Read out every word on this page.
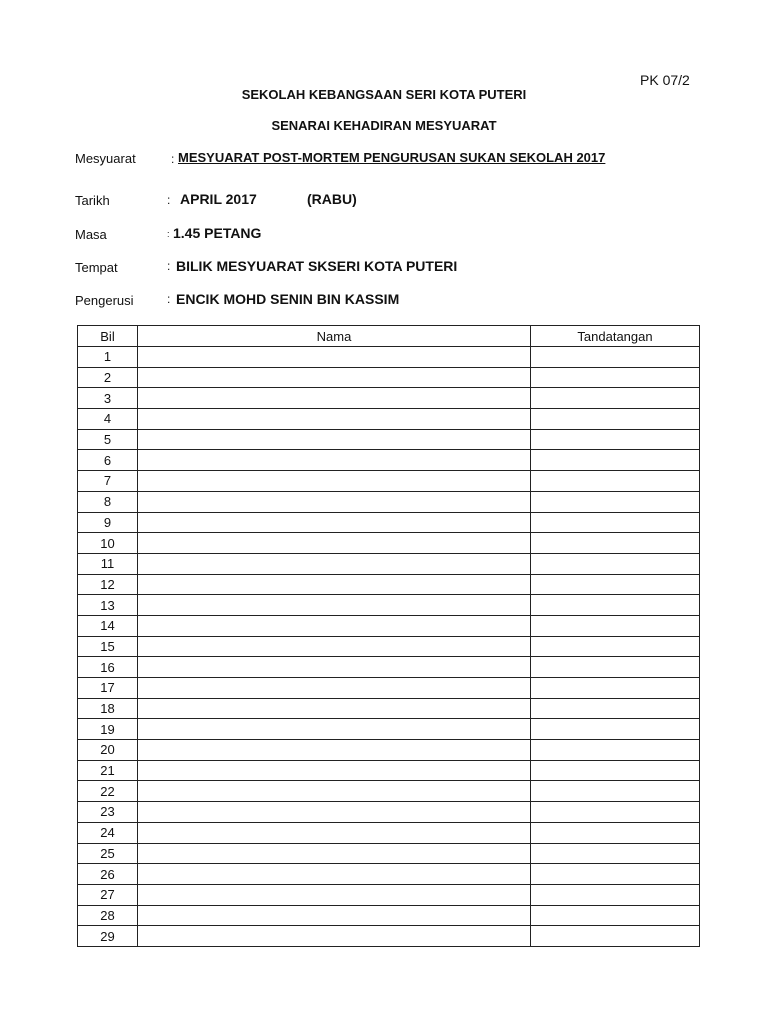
PK 07/2
SEKOLAH KEBANGSAAN SERI KOTA PUTERI
SENARAI KEHADIRAN MESYUARAT
Mesyuarat	: MESYUARAT POST-MORTEM PENGURUSAN SUKAN SEKOLAH 2017
Tarikh	: APRIL 2017	(RABU)
Masa	: 1.45 PETANG
Tempat	: BILIK MESYUARAT SKSERI KOTA PUTERI
Pengerusi	: ENCIK MOHD SENIN BIN KASSIM
Bil	Nama	Tandatangan
1		
2		
3		
4		
5		
6		
7		
8		
9		
10		
11		
12		
13		
14		
15		
16		
17		
18		
19		
20		
21		
22		
23		
24		
25		
26		
27		
28		
29		
